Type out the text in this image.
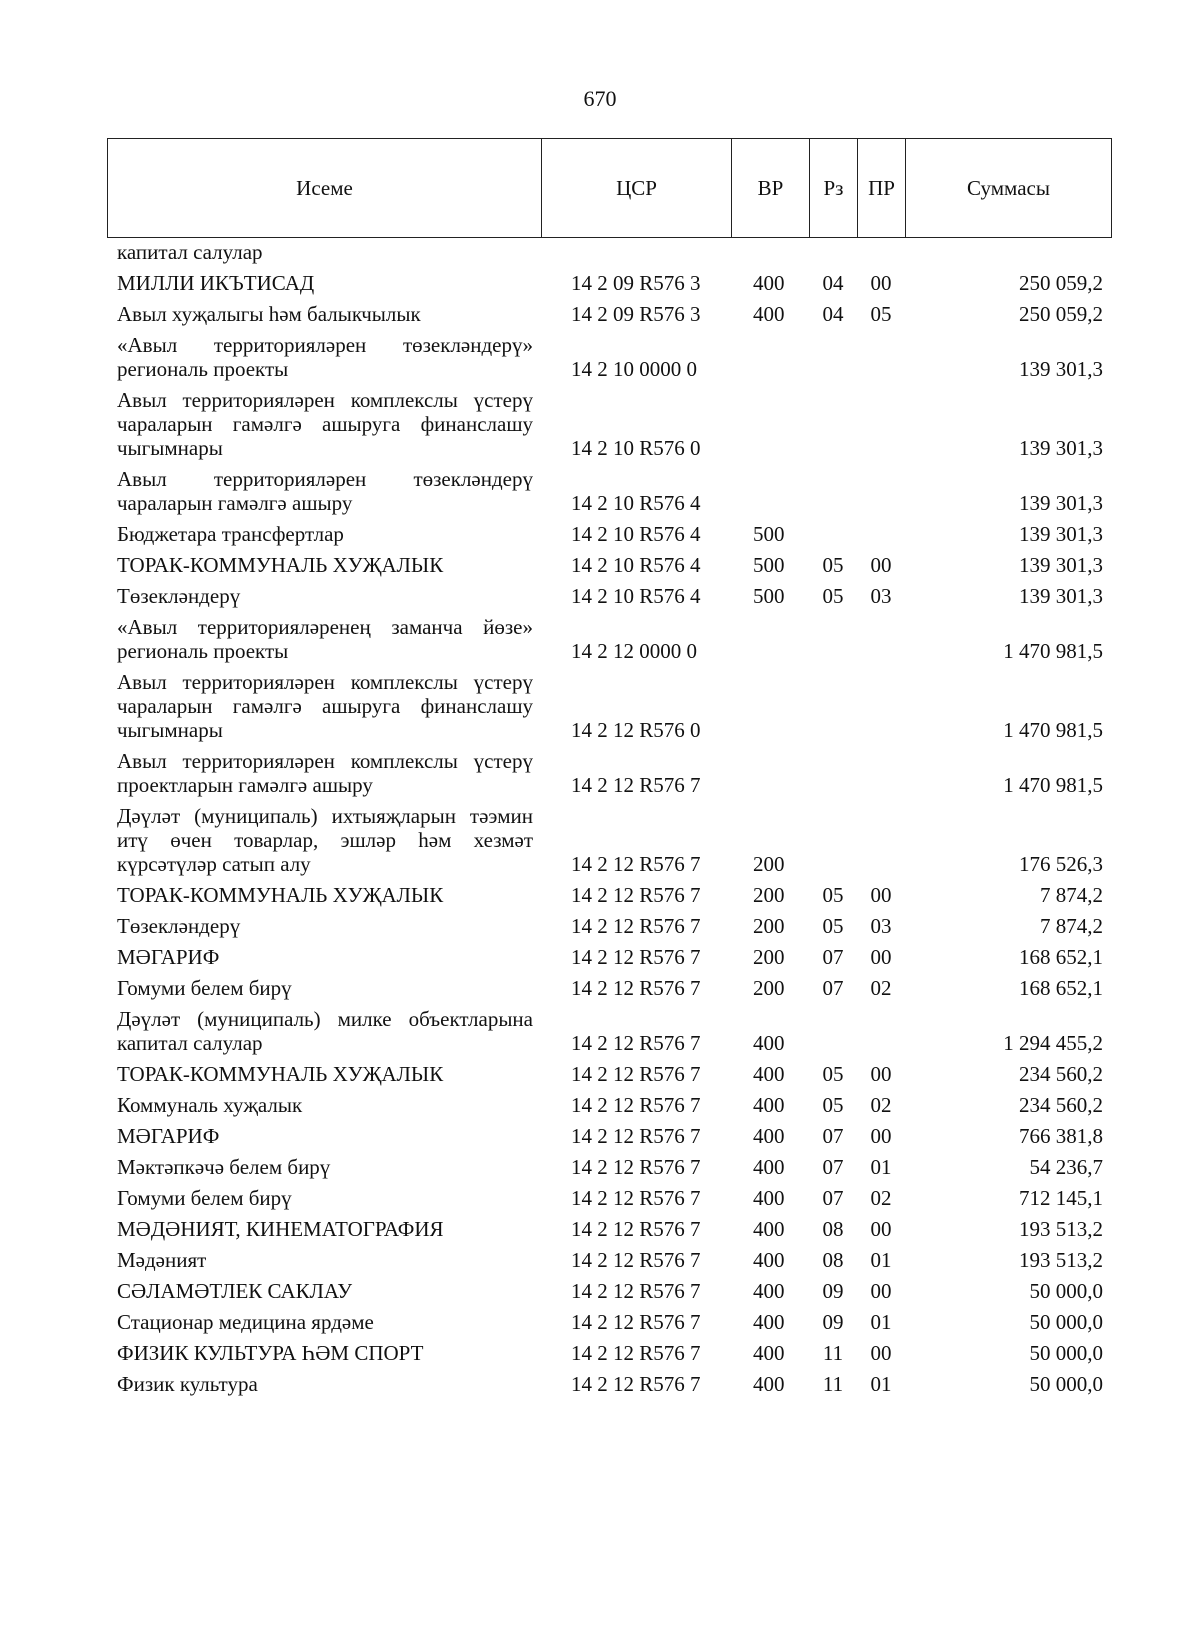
670
Исеме	ЦСР	ВР	Рз	ПР	Суммасы
капитал салулар					
МИЛЛИ ИКЪТИСАД	14 2 09 R576 3	400	04	00	250 059,2
Авыл хуҗалыгы һәм балыкчылык	14 2 09 R576 3	400	04	05	250 059,2
«Авыл территорияләрен төзекләндерү» региональ проекты	14 2 10 0000 0				139 301,3
Авыл территорияләрен комплекслы үстерү чараларын гамәлгә ашыруга финанслашу чыгымнары	14 2 10 R576 0				139 301,3
Авыл территорияләрен төзекләндерү чараларын гамәлгә ашыру	14 2 10 R576 4				139 301,3
Бюджетара трансфертлар	14 2 10 R576 4	500			139 301,3
ТОРАК-КОММУНАЛЬ ХУҖАЛЫК	14 2 10 R576 4	500	05	00	139 301,3
Төзекләндерү	14 2 10 R576 4	500	05	03	139 301,3
«Авыл территорияләренең заманча йөзе» региональ проекты	14 2 12 0000 0				1 470 981,5
Авыл территорияләрен комплекслы үстерү чараларын гамәлгә ашыруга финанслашу чыгымнары	14 2 12 R576 0				1 470 981,5
Авыл территорияләрен комплекслы үстерү проектларын гамәлгә ашыру	14 2 12 R576 7				1 470 981,5
Дәүләт (муниципаль) ихтыяҗларын тәэмин итү өчен товарлар, эшләр һәм хезмәт күрсәтүләр сатып алу	14 2 12 R576 7	200			176 526,3
ТОРАК-КОММУНАЛЬ ХУҖАЛЫК	14 2 12 R576 7	200	05	00	7 874,2
Төзекләндерү	14 2 12 R576 7	200	05	03	7 874,2
МӘГАРИФ	14 2 12 R576 7	200	07	00	168 652,1
Гомуми белем бирү	14 2 12 R576 7	200	07	02	168 652,1
Дәүләт (муниципаль) милке объектларына капитал салулар	14 2 12 R576 7	400			1 294 455,2
ТОРАК-КОММУНАЛЬ ХУҖАЛЫК	14 2 12 R576 7	400	05	00	234 560,2
Коммуналь хуҗалык	14 2 12 R576 7	400	05	02	234 560,2
МӘГАРИФ	14 2 12 R576 7	400	07	00	766 381,8
Мәктәпкәчә белем бирү	14 2 12 R576 7	400	07	01	54 236,7
Гомуми белем бирү	14 2 12 R576 7	400	07	02	712 145,1
МӘДӘНИЯТ, КИНЕМАТОГРАФИЯ	14 2 12 R576 7	400	08	00	193 513,2
Мәдәният	14 2 12 R576 7	400	08	01	193 513,2
СӘЛАМӘТЛЕК САКЛАУ	14 2 12 R576 7	400	09	00	50 000,0
Стационар медицина ярдәме	14 2 12 R576 7	400	09	01	50 000,0
ФИЗИК КУЛЬТУРА ҺӘМ СПОРТ	14 2 12 R576 7	400	11	00	50 000,0
Физик культура	14 2 12 R576 7	400	11	01	50 000,0
